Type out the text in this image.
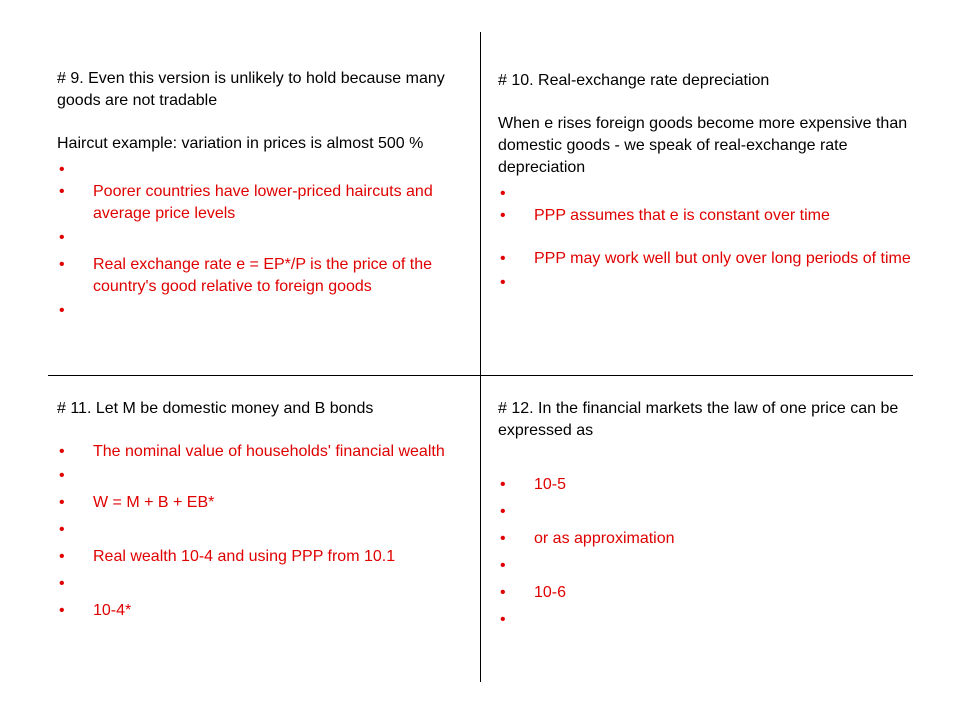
# 9. Even this version is unlikely to hold because many goods are not tradable

Haircut example: variation in prices is almost 500 %

•
• Poorer countries have lower-priced haircuts and average price levels
•
• Real exchange rate e = EP*/P is the price of the country's good relative to foreign goods
•

# 10. Real-exchange rate depreciation

When e rises foreign goods become more expensive than domestic goods - we speak of real-exchange rate depreciation

•
• PPP assumes that e is constant over time
• PPP may work well but only over long periods of time
•

# 11. Let M be domestic money and B bonds

• The nominal value of households' financial wealth
•
• W = M + B + EB*
•
• Real wealth 10-4 and using PPP from 10.1
•
• 10-4*

# 12. In the financial markets the law of one price can be expressed as

• 10-5
•
• or as approximation
•
• 10-6
•
